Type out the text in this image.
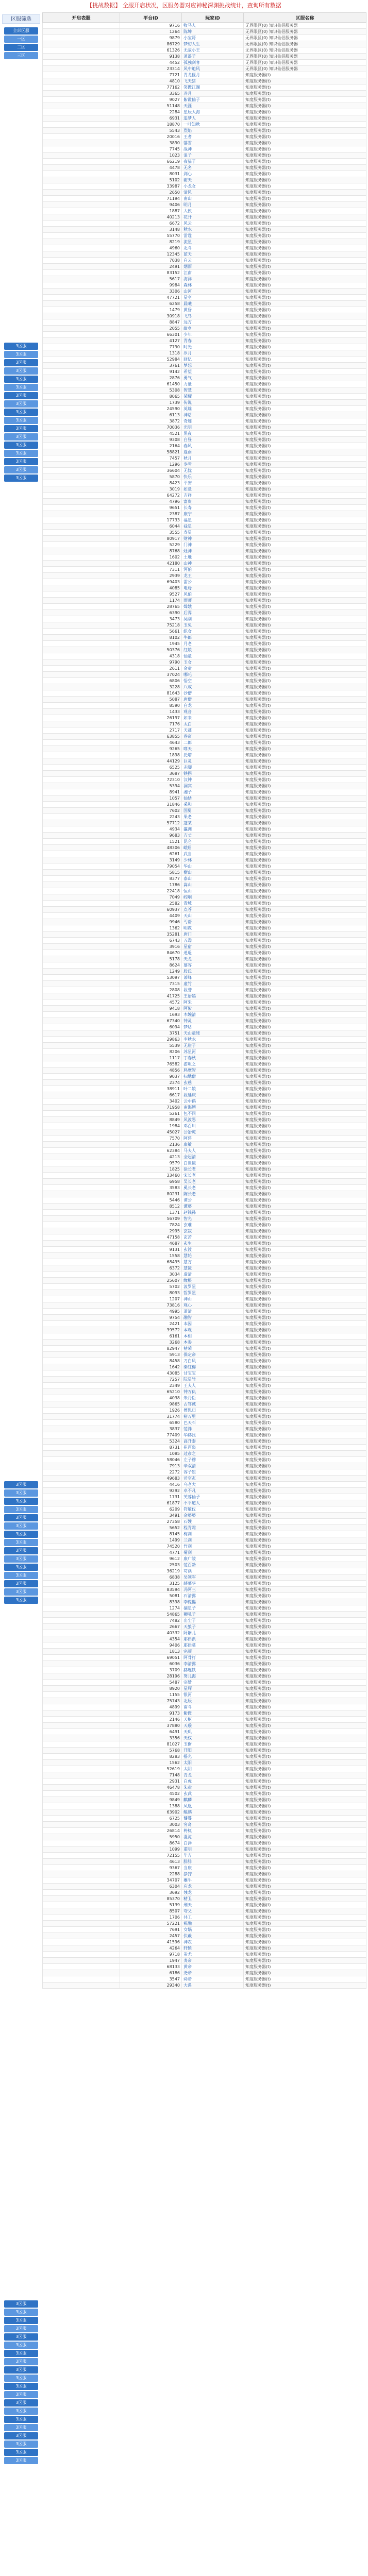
【挑战数据】 全服开启状况，区服务器对应神秘深渊挑战统计，查询所有数据
区服筛选
全部区服
一区
二区
三区
3区服
3区服
3区服
3区服
3区服
3区服
3区服
3区服
3区服
3区服
3区服
3区服
3区服
3区服
3区服
3区服
3区服
3区服
3区服
3区服
3区服
3区服
3区服
3区服
3区服
3区服
3区服
3区服
3区服
3区服
3区服
3区服
3区服
3区服
3区服
3区服
3区服
3区服
3区服
3区服
3区服
3区服
3区服
3区服
3区服
3区服
3区服
3区服
3区服
3区服
3区服
3区服
开启表服	平台ID	玩家ID	区服名称
	9716	牧马人	无界限区(0) 知识仙侣服务器
	1264	陈坤	无界限区(0) 知识仙侣服务器
	9879	小宝哥	无界限区(0) 知识仙侣服务器
	86729	梦幻人生	无界限区(0) 知识仙侣服务器
	61326	无敌小王	无界限区(0) 知识仙侣服务器
	9138	逍遥子	无界限区(0) 知识仙侣服务器
	4452	孤独剑客	无界限区(0) 知识仙侣服务器
	23314	风中追风	无界限区(0) 知识仙侣服务器
	7721	青龙偃月	知度服务器(t)
	4810	飞天猪	知度服务器(t)
	77162	笑傲江湖	知度服务器(t)
	3365	冷月	知度服务器(t)
	9027	紫霞仙子	知度服务器(t)
	51148	天涯	知度服务器(t)
	2284	星辰大海	知度服务器(t)
	6931	追梦人	知度服务器(t)
	18870	一叶知秋	知度服务器(t)
	5543	烈焰	知度服务器(t)
	20016	王者	知度服务器(t)
	3890	落雪	知度服务器(t)
	7745	战神	知度服务器(t)
	1023	浪子	知度服务器(t)
	66219	夜猫子	知度服务器(t)
	4478	无名	知度服务器(t)
	8031	剑心	知度服务器(t)
	5102	霸天	知度服务器(t)
	33987	小龙女	知度服务器(t)
	2650	清风	知度服务器(t)
	71194	南山	知度服务器(t)
	9406	明月	知度服务器(t)
	1887	大侠	知度服务器(t)
	40213	花开	知度服务器(t)
	6672	风云	知度服务器(t)
	3148	秋水	知度服务器(t)
	55770	雷霆	知度服务器(t)
	8219	流星	知度服务器(t)
	4960	北斗	知度服务器(t)
	12345	蓝天	知度服务器(t)
	7038	白云	知度服务器(t)
	2491	烟雨	知度服务器(t)
	83152	江南	知度服务器(t)
	5617	海洋	知度服务器(t)
	9984	森林	知度服务器(t)
	3306	山河	知度服务器(t)
	47721	星空	知度服务器(t)
	6258	晨曦	知度服务器(t)
	1479	黄昏	知度服务器(t)
	30918	飞鸟	知度服务器(t)
	8847	远方	知度服务器(t)
	2055	故乡	知度服务器(t)
	66301	少年	知度服务器(t)
	4127	青春	知度服务器(t)
	7790	时光	知度服务器(t)
	1318	岁月	知度服务器(t)
	52984	回忆	知度服务器(t)
	3761	梦想	知度服务器(t)
	9142	希望	知度服务器(t)
	2876	勇气	知度服务器(t)
	61450	力量	知度服务器(t)
	5308	智慧	知度服务器(t)
	8065	荣耀	知度服务器(t)
	1739	传说	知度服务器(t)
	24590	英雄	知度服务器(t)
	6113	神话	知度服务器(t)
	3872	奇迹	知度服务器(t)
	70036	光明	知度服务器(t)
	4521	黑夜	知度服务器(t)
	9308	白昼	知度服务器(t)
	2164	春风	知度服务器(t)
	58821	夏雨	知度服务器(t)
	7457	秋月	知度服务器(t)
	1296	冬雪	知度服务器(t)
	36604	无忧	知度服务器(t)
	5870	快乐	知度服务器(t)
	8423	平安	知度服务器(t)
	3019	如意	知度服务器(t)
	64272	吉祥	知度服务器(t)
	4796	富贵	知度服务器(t)
	9651	长寿	知度服务器(t)
	2387	康宁	知度服务器(t)
	17733	福星	知度服务器(t)
	6044	禄星	知度服务器(t)
	3555	寿星	知度服务器(t)
	80917	财神	知度服务器(t)
	5229	门神	知度服务器(t)
	8768	灶神	知度服务器(t)
	1602	土地	知度服务器(t)
	42180	山神	知度服务器(t)
	7311	河伯	知度服务器(t)
	2939	龙王	知度服务器(t)
	69403	雷公	知度服务器(t)
	4085	电母	知度服务器(t)
	9527	风伯	知度服务器(t)
	1174	雨师	知度服务器(t)
	28765	嫦娥	知度服务器(t)
	6390	后羿	知度服务器(t)
	3473	吴刚	知度服务器(t)
	75218	玉兔	知度服务器(t)
	5661	织女	知度服务器(t)
	8102	牛郎	知度服务器(t)
	1945	月老	知度服务器(t)
	50376	红娘	知度服务器(t)
	4318	仙童	知度服务器(t)
	9790	玉女	知度服务器(t)
	2611	金童	知度服务器(t)
	37024	哪吒	知度服务器(t)
	6806	悟空	知度服务器(t)
	3228	八戒	知度服务器(t)
	81643	沙僧	知度服务器(t)
	5087	唐僧	知度服务器(t)
	8590	白龙	知度服务器(t)
	1433	观音	知度服务器(t)
	26197	如来	知度服务器(t)
	7176	太白	知度服务器(t)
	2717	天蓬	知度服务器(t)
	63855	卷帘	知度服务器(t)
	4643	二郎	知度服务器(t)
	9265	哮天	知度服务器(t)
	1898	托塔	知度服务器(t)
	44129	巨灵	知度服务器(t)
	6525	赤脚	知度服务器(t)
	3687	铁拐	知度服务器(t)
	72310	汉钟	知度服务器(t)
	5394	洞宾	知度服务器(t)
	8941	湘子	知度服务器(t)
	1057	仙姑	知度服务器(t)
	31846	采和	知度服务器(t)
	7602	国舅	知度服务器(t)
	2243	果老	知度服务器(t)
	57712	蓬莱	知度服务器(t)
	4934	瀛洲	知度服务器(t)
	9683	方丈	知度服务器(t)
	1521	昆仑	知度服务器(t)
	48306	峨眉	知度服务器(t)
	6261	武当	知度服务器(t)
	3149	少林	知度服务器(t)
	79054	华山	知度服务器(t)
	5815	衡山	知度服务器(t)
	8377	泰山	知度服务器(t)
	1786	嵩山	知度服务器(t)
	22418	恒山	知度服务器(t)
	7049	崆峒	知度服务器(t)
	2582	青城	知度服务器(t)
	60937	点苍	知度服务器(t)
	4409	天山	知度服务器(t)
	9946	丐帮	知度服务器(t)
	1362	明教	知度服务器(t)
	35281	唐门	知度服务器(t)
	6743	五毒	知度服务器(t)
	3916	星宿	知度服务器(t)
	84670	逍遥	知度服务器(t)
	5178	天龙	知度服务器(t)
	8624	慕容	知度服务器(t)
	1249	段氏	知度服务器(t)
	53097	萧峰	知度服务器(t)
	7315	虚竹	知度服务器(t)
	2808	段誉	知度服务器(t)
	41725	王语嫣	知度服务器(t)
	4572	阿朱	知度服务器(t)
	9418	阿紫	知度服务器(t)
	1693	木婉清	知度服务器(t)
	67340	钟灵	知度服务器(t)
	6094	梦姑	知度服务器(t)
	3751	天山童姥	知度服务器(t)
	29863	李秋水	知度服务器(t)
	5539	无崖子	知度服务器(t)
	8206	苏星河	知度服务器(t)
	1117	丁春秋	知度服务器(t)
	76582	游坦之	知度服务器(t)
	4856	鸠摩智	知度服务器(t)
	9037	扫地僧	知度服务器(t)
	2374	玄慈	知度服务器(t)
	38911	叶二娘	知度服务器(t)
	6617	段延庆	知度服务器(t)
	3402	云中鹤	知度服务器(t)
	71958	南海鳄	知度服务器(t)
	5261	包不同	知度服务器(t)
	8849	风波恶	知度服务器(t)
	1984	邓百川	知度服务器(t)
	45027	公冶乾	知度服务器(t)
	7570	阿碧	知度服务器(t)
	2136	康敏	知度服务器(t)
	62384	马夫人	知度服务器(t)
	4213	全冠清	知度服务器(t)
	9579	白世镜	知度服务器(t)
	1825	徐长老	知度服务器(t)
	33460	宋长老	知度服务器(t)
	6958	吴长老	知度服务器(t)
	3583	奚长老	知度服务器(t)
	80231	陈长老	知度服务器(t)
	5446	谭公	知度服务器(t)
	8512	谭婆	知度服务器(t)
	1371	赵钱孙	知度服务器(t)
	56709	智光	知度服务器(t)
	7824	玄难	知度服务器(t)
	2995	玄寂	知度服务器(t)
	47158	玄苦	知度服务器(t)
	4687	玄生	知度服务器(t)
	9131	玄渡	知度服务器(t)
	1558	慧轮	知度服务器(t)
	68495	慧方	知度服务器(t)
	6372	慧镜	知度服务器(t)
	3034	虚清	知度服务器(t)
	25607	缘根	知度服务器(t)
	5702	波罗星	知度服务器(t)
	8093	哲罗星	知度服务器(t)
	1207	神山	知度服务器(t)
	73816	观心	知度服务器(t)
	4995	道清	知度服务器(t)
	9754	融智	知度服务器(t)
	2421	本因	知度服务器(t)
	39572	本观	知度服务器(t)
	6161	本相	知度服务器(t)
	3268	本参	知度服务器(t)
	82947	枯荣	知度服务器(t)
	5913	保定帝	知度服务器(t)
	8458	刀白凤	知度服务器(t)
	1642	秦红棉	知度服务器(t)
	43085	甘宝宝	知度服务器(t)
	7257	阮星竹	知度服务器(t)
	2349	王夫人	知度服务器(t)
	65210	钟万仇	知度服务器(t)
	4038	朱丹臣	知度服务器(t)
	9865	古笃诚	知度服务器(t)
	1926	傅思归	知度服务器(t)
	31774	褚万里	知度服务器(t)
	6580	巴天石	知度服务器(t)
	3837	范骅	知度服务器(t)
	77409	华赫艮	知度服务器(t)
	5324	高升泰	知度服务器(t)
	8731	崔百泉	知度服务器(t)
	1085	过彦之	知度服务器(t)
	58046	左子穆	知度服务器(t)
	7913	辛双清	知度服务器(t)
	2272	容子矩	知度服务器(t)
	49683	司空玄	知度服务器(t)
	4416	乌老大	知度服务器(t)
	9292	卓不凡	知度服务器(t)
	1731	芙蓉仙子	知度服务器(t)
	61877	不平道人	知度服务器(t)
	6209	符敏仪	知度服务器(t)
	3491	余婆婆	知度服务器(t)
	27358	石嫂	知度服务器(t)
	5652	程青霜	知度服务器(t)
	8145	梅剑	知度服务器(t)
	1499	兰剑	知度服务器(t)
	74520	竹剑	知度服务器(t)
	4771	菊剑	知度服务器(t)
	9612	康广陵	知度服务器(t)
	2503	范百龄	知度服务器(t)
	36219	苟读	知度服务器(t)
	6838	吴领军	知度服务器(t)
	3125	薛慕华	知度服务器(t)
	83594	冯阿三	知度服务器(t)
	5081	石清露	知度服务器(t)
	8398	李傀儡	知度服务器(t)
	1274	摘星子	知度服务器(t)
	54865	狮吼子	知度服务器(t)
	7482	出尘子	知度服务器(t)
	2667	天狼子	知度服务器(t)
	40332	阿紫儿	知度服务器(t)
	4354	耶律洪	知度服务器(t)
	9406	耶律莫	知度服务器(t)
	1813	完颜	知度服务器(t)
	69051	阿骨打	知度服务器(t)
	6036	李清露	知度服务器(t)
	3709	赫连铁	知度服务器(t)
	28196	努儿海	知度服务器(t)
	5487	宗赞	知度服务器(t)
	8920	星辉	知度服务器(t)
	1155	银河	知度服务器(t)
	75743	北辰	知度服务器(t)
	4899	南斗	知度服务器(t)
	9173	紫微	知度服务器(t)
	2146	天枢	知度服务器(t)
	37880	天璇	知度服务器(t)
	6491	天玑	知度服务器(t)
	3356	天权	知度服务器(t)
	81027	玉衡	知度服务器(t)
	5768	开阳	知度服务器(t)
	8283	摇光	知度服务器(t)
	1562	太阳	知度服务器(t)
	52619	太阴	知度服务器(t)
	7148	青龙	知度服务器(t)
	2931	白虎	知度服务器(t)
	46478	朱雀	知度服务器(t)
	4502	玄武	知度服务器(t)
	9849	麒麟	知度服务器(t)
	1388	凤凰	知度服务器(t)
	63902	鲲鹏	知度服务器(t)
	6725	饕餮	知度服务器(t)
	3003	穷奇	知度服务器(t)
	26814	梼杌	知度服务器(t)
	5950	混沌	知度服务器(t)
	8674	白泽	知度服务器(t)
	1099	重明	知度服务器(t)
	72155	毕方	知度服务器(t)
	4613	腓腓	知度服务器(t)
	9367	当康	知度服务器(t)
	2288	狰狞	知度服务器(t)
	34707	夔牛	知度服务器(t)
	6304	应龙	知度服务器(t)
	3692	烛龙	知度服务器(t)
	85370	精卫	知度服务器(t)
	5139	刑天	知度服务器(t)
	8507	夸父	知度服务器(t)
	1706	共工	知度服务器(t)
	57221	祝融	知度服务器(t)
	7691	女娲	知度服务器(t)
	2457	伏羲	知度服务器(t)
	41596	神农	知度服务器(t)
	4264	轩辕	知度服务器(t)
	9718	蚩尤	知度服务器(t)
	1947	炎帝	知度服务器(t)
	68133	黄帝	知度服务器(t)
	6186	尧帝	知度服务器(t)
	3547	舜帝	知度服务器(t)
	29340	大禹	知度服务器(t)
